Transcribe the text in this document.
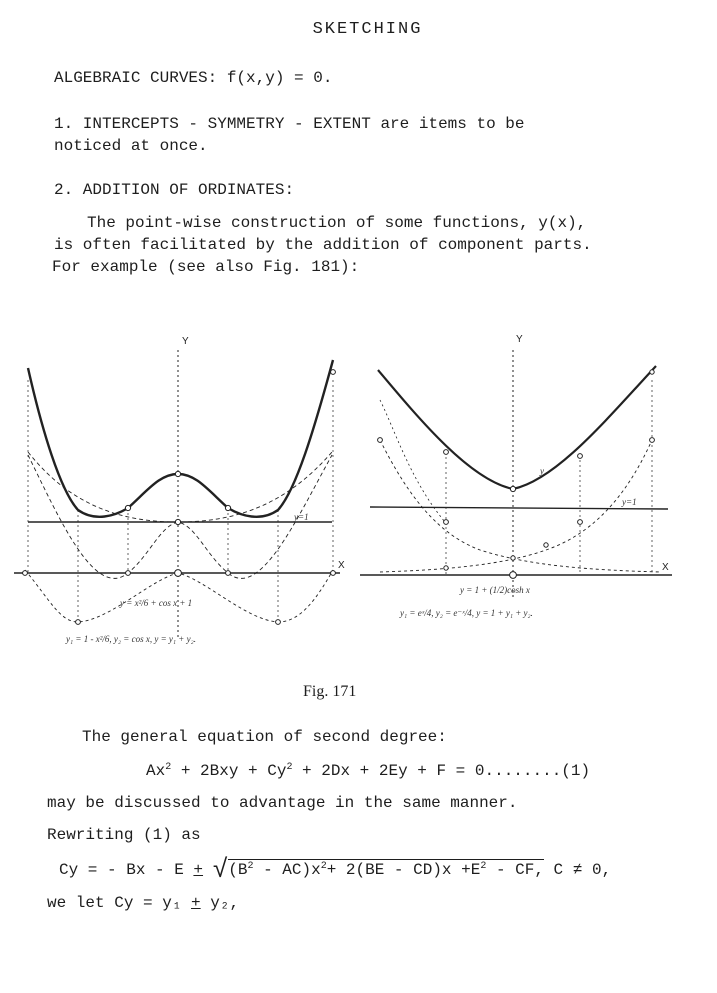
SKETCHING
ALGEBRAIC CURVES: f(x,y) = 0.
1. INTERCEPTS - SYMMETRY - EXTENT are items to be
noticed at once.
2. ADDITION OF ORDINATES:
The point-wise construction of some functions, y(x),
is often facilitated by the addition of component parts.
For example (see also Fig. 181):
Y
X
y=1
y = x²/6 + cos x + 1
y₁ = 1 - x²/6, y₂ = cos x, y = y₁ + y₂.
Y
X
y
y=1
y = 1 + (1/2)cosh x
y₁ = eˣ/4, y₂ = e⁻ˣ/4, y = 1 + y₁ + y₂.
Fig. 171
The general equation of second degree:
$Ax^2 + 2Bxy + Cy^2 + 2Dx + 2Ey + F = 0........(1)$
may be discussed to advantage in the same manner.
Rewriting (1) as
Cy = - $Bx - E + √(B^2 - AC)x^2+ 2(BE - CD)x +E^2$ - CF, C ≠ 0,
we let Cy = y₁ + y₂,
